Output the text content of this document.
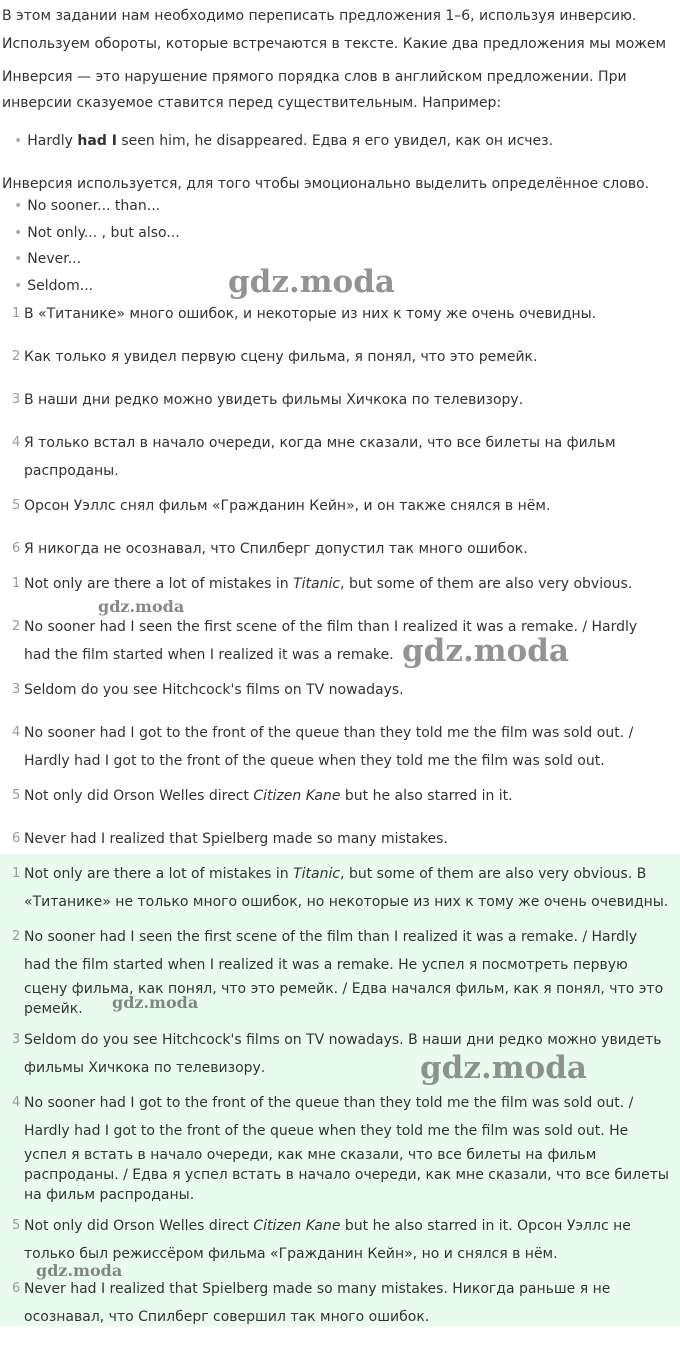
В этом задании нам необходимо переписать предложения 1–6, используя инверсию.
Используем обороты, которые встречаются в тексте. Какие два предложения мы можем
Инверсия — это нарушение прямого порядка слов в английском предложении. При
инверсии сказуемое ставится перед существительным. Например:
• Hardly had I seen him, he disappeared. Едва я его увидел, как он исчез.
Инверсия используется, для того чтобы эмоционально выделить определённое слово.
• No sooner... than...
• Not only... , but also...
• Never...
• Seldom...
1 В «Титанике» много ошибок, и некоторые из них к тому же очень очевидны.
2 Как только я увидел первую сцену фильма, я понял, что это ремейк.
3 В наши дни редко можно увидеть фильмы Хичкока по телевизору.
4 Я только встал в начало очереди, когда мне сказали, что все билеты на фильм
распроданы.
5 Орсон Уэллс снял фильм «Гражданин Кейн», и он также снялся в нём.
6 Я никогда не осознавал, что Спилберг допустил так много ошибок.
1 Not only are there a lot of mistakes in Titanic, but some of them are also very obvious.
2 No sooner had I seen the first scene of the film than I realized it was a remake. / Hardly
had the film started when I realized it was a remake.
3 Seldom do you see Hitchcock's films on TV nowadays.
4 No sooner had I got to the front of the queue than they told me the film was sold out. /
Hardly had I got to the front of the queue when they told me the film was sold out.
5 Not only did Orson Welles direct Citizen Kane but he also starred in it.
6 Never had I realized that Spielberg made so many mistakes.
1 Not only are there a lot of mistakes in Titanic, but some of them are also very obvious. В
«Титанике» не только много ошибок, но некоторые из них к тому же очень очевидны.
2 No sooner had I seen the first scene of the film than I realized it was a remake. / Hardly
had the film started when I realized it was a remake. Не успел я посмотреть первую
сцену фильма, как понял, что это ремейк. / Едва начался фильм, как я понял, что это
ремейк.
3 Seldom do you see Hitchcock's films on TV nowadays. В наши дни редко можно увидеть
фильмы Хичкока по телевизору.
4 No sooner had I got to the front of the queue than they told me the film was sold out. /
Hardly had I got to the front of the queue when they told me the film was sold out. Не
успел я встать в начало очереди, как мне сказали, что все билеты на фильм
распроданы. / Едва я успел встать в начало очереди, как мне сказали, что все билеты
на фильм распроданы.
5 Not only did Orson Welles direct Citizen Kane but he also starred in it. Орсон Уэллс не
только был режиссёром фильма «Гражданин Кейн», но и снялся в нём.
6 Never had I realized that Spielberg made so many mistakes. Никогда раньше я не
осознавал, что Спилберг совершил так много ошибок.
gdz.moda
gdz.moda
gdz.moda
gdz.moda
gdz.moda
gdz.moda
